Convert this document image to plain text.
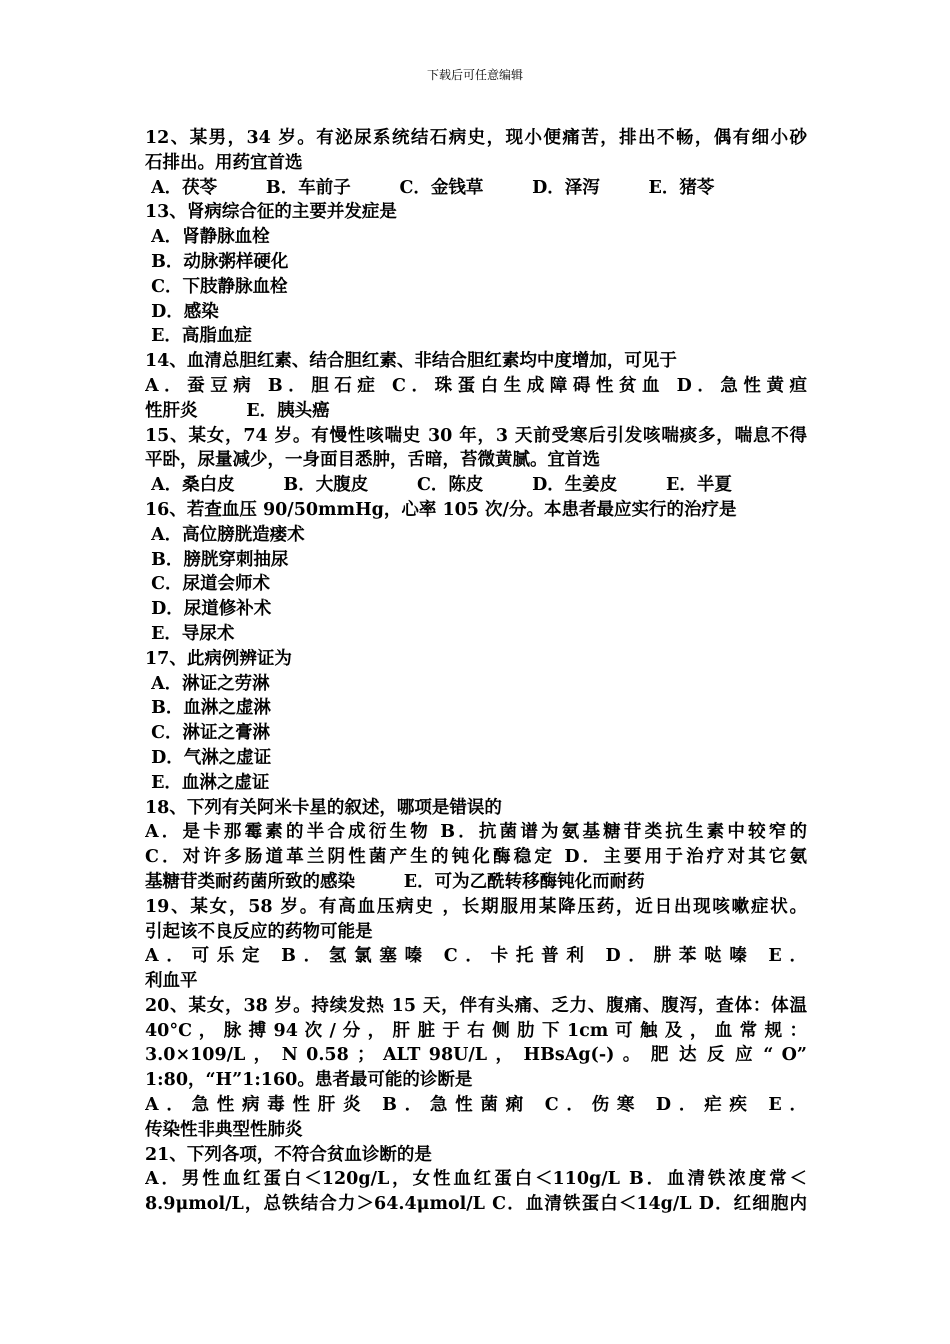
下载后可任意编辑
12、某男，34 岁。有泌尿系统结石病史，现小便痛苦，排出不畅，偶有细小砂
石排出。用药宜首选
A．茯苓        B．车前子        C．金钱草        D．泽泻        E．猪苓
13、肾病综合征的主要并发症是
A．肾静脉血栓
B．动脉粥样硬化
C．下肢静脉血栓
D．感染
E．高脂血症
14、血清总胆红素、结合胆红素、非结合胆红素均中度增加，可见于
A．蚕豆病 B．胆石症 C．珠蛋白生成障碍性贫血 D．急性黄疸
性肝炎        E．胰头癌
15、某女，74 岁。有慢性咳喘史 30 年，3 天前受寒后引发咳喘痰多，喘息不得
平卧，尿量减少，一身面目悉肿，舌暗，苔微黄腻。宜首选
A．桑白皮        B．大腹皮        C．陈皮        D．生姜皮        E．半夏
16、若查血压 90/50mmHg，心率 105 次/分。本患者最应实行的治疗是
A．高位膀胱造瘘术
B．膀胱穿刺抽尿
C．尿道会师术
D．尿道修补术
E．导尿术
17、此病例辨证为
A．淋证之劳淋
B．血淋之虚淋
C．淋证之膏淋
D．气淋之虚证
E．血淋之虚证
18、下列有关阿米卡星的叙述，哪项是错误的
A．是卡那霉素的半合成衍生物 B．抗菌谱为氨基糖苷类抗生素中较窄的
C．对许多肠道革兰阴性菌产生的钝化酶稳定 D．主要用于治疗对其它氨
基糖苷类耐药菌所致的感染        E．可为乙酰转移酶钝化而耐药
19、某女，58 岁。有高血压病史 ，长期服用某降压药，近日出现咳嗽症状。
引起该不良反应的药物可能是
A．可乐定 B．氢氯塞嗪 C．卡托普利 D．肼苯哒嗪 E．
利血平
20、某女，38 岁。持续发热 15 天，伴有头痛、乏力、腹痛、腹泻，查体：体温
40°C ， 脉 搏 94 次 / 分 ， 肝 脏 于 右 侧 肋 下 1cm 可 触 及 ， 血 常 规 ：
3.0×109/L ， N 0.58 ； ALT 98U/L ， HBsAg(-) 。 肥 达 反 应 “ O”
1:80，“H”1:160。患者最可能的诊断是
A．急性病毒性肝炎 B．急性菌痢 C．伤寒 D．疟疾 E．
传染性非典型性肺炎
21、下列各项，不符合贫血诊断的是
A．男性血红蛋白＜120g/L，女性血红蛋白＜110g/L B．血清铁浓度常＜
8.9μmol/L，总铁结合力＞64.4μmol/L C．血清铁蛋白＜14g/L D．红细胞内
